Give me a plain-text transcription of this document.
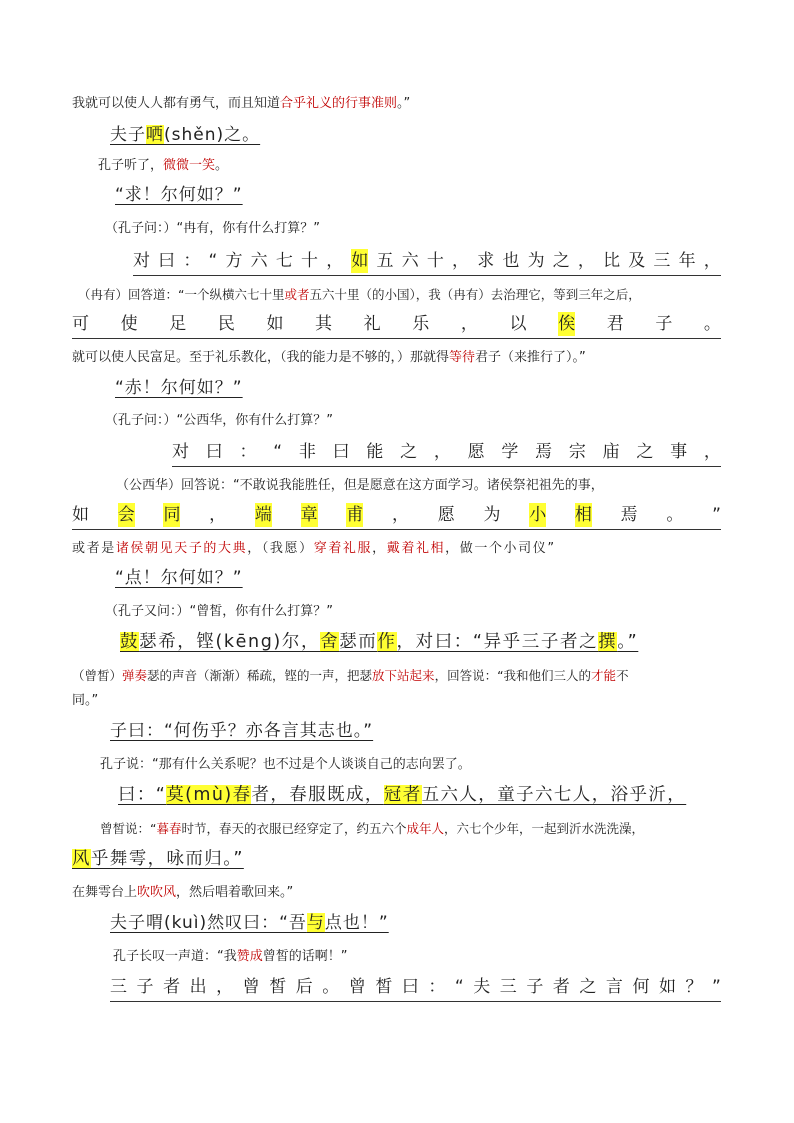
我就可以使人人都有勇气，而且知道合乎礼义的行事准则。”

夫子哂(shěn)之。

孔子听了，微微一笑。

“求！尔何如？”

（孔子问：）“冉有，你有什么打算？”

对 曰 ： “ 方 六 七 十 ， 如 五 六 十 ， 求 也 为 之 ， 比 及 三 年 ，

（冉有）回答道：“一个纵横六七十里或者五六十里（的小国），我（冉有）去治理它，等到三年之后，

可 使 足 民 如 其 礼 乐 ， 以 俟 君 子 。

就可以使人民富足。至于礼乐教化，（我的能力是不够的，）那就得等待君子（来推行了）。”

“赤！尔何如？”

（孔子问：）“公西华，你有什么打算？”

对 曰 ： “ 非 曰 能 之 ， 愿 学 焉 宗 庙 之 事 ，

（公西华）回答说：“不敢说我能胜任，但是愿意在这方面学习。诸侯祭祀祖先的事，

如 会 同 ， 端 章 甫 ， 愿 为 小 相 焉 。 ”

或者是诸侯朝见天子的大典，（我愿）穿着礼服，戴着礼相，做一个小司仪”

“点！尔何如？”

（孔子又问：）“曾皙，你有什么打算？”

鼓瑟希，铿(kēng)尔，舍瑟而作，对曰：“异乎三子者之撰。”

（曾皙）弹奏瑟的声音（渐渐）稀疏，铿的一声，把瑟放下站起来，回答说：“我和他们三人的才能不

同。”

子曰：“何伤乎？亦各言其志也。”

孔子说：“那有什么关系呢？也不过是个人谈谈自己的志向罢了。

曰：“莫(mù)春者，春服既成，冠者五六人，童子六七人，浴乎沂，

曾皙说：“暮春时节，春天的衣服已经穿定了，约五六个成年人，六七个少年，一起到沂水洗洗澡，

风乎舞雩，咏而归。”

在舞雩台上吹吹风，然后唱着歌回来。”

夫子喟(kuì)然叹曰：“吾与点也！”

孔子长叹一声道：“我赞成曾皙的话啊！”

三 子 者 出 ， 曾 皙 后 。 曾 皙 曰 ： “ 夫 三 子 者 之 言 何 如 ？ ”
